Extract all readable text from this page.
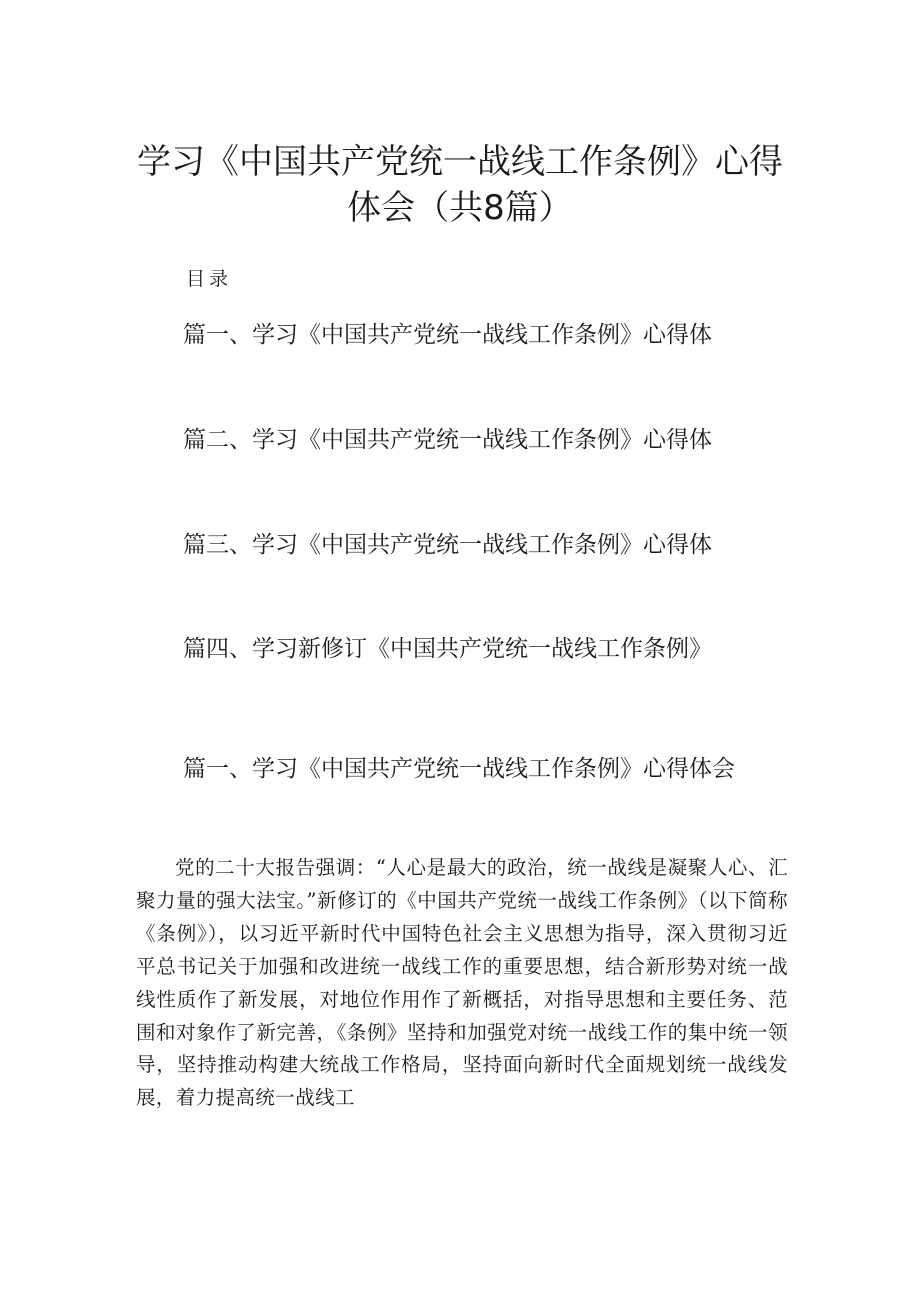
学习《中国共产党统一战线工作条例》心得
体会（共8篇）
目录
篇一、学习《中国共产党统一战线工作条例》心得体
篇二、学习《中国共产党统一战线工作条例》心得体
篇三、学习《中国共产党统一战线工作条例》心得体
篇四、学习新修订《中国共产党统一战线工作条例》
篇一、学习《中国共产党统一战线工作条例》心得体会

党的二十大报告强调：“人心是最大的政治，统一战线是凝聚人心、汇聚力量的强大法宝。”新修订的《中国共产党统一战线工作条例》（以下简称《条例》），以习近平新时代中国特色社会主义思想为指导，深入贯彻习近平总书记关于加强和改进统一战线工作的重要思想，结合新形势对统一战线性质作了新发展，对地位作用作了新概括，对指导思想和主要任务、范围和对象作了新完善，《条例》坚持和加强党对统一战线工作的集中统一领导，坚持推动构建大统战工作格局，坚持面向新时代全面规划统一战线发展，着力提高统一战线工
